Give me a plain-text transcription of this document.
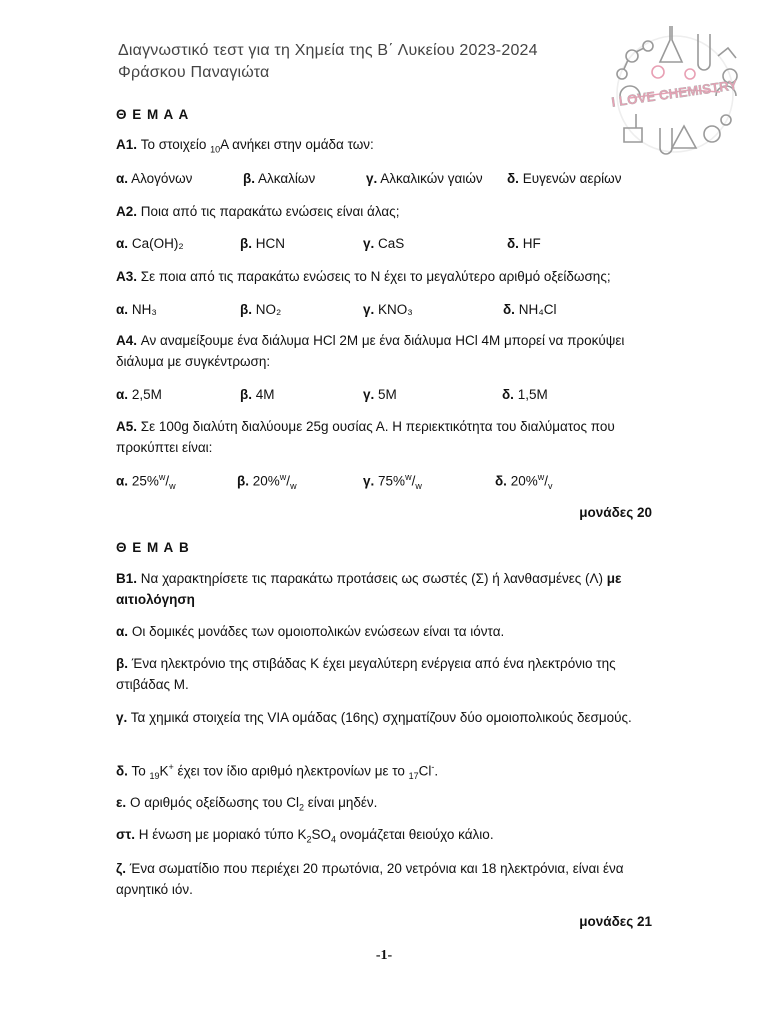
Διαγνωστικό τεστ για τη Χημεία της Β΄ Λυκείου 2023-2024
Φράσκου Παναγιώτα
I LOVE CHEMISTRY
Θ Ε Μ Α Α
A1. Το στοιχείο $_{10}$Α ανήκει στην ομάδα των:
α. Αλογόνων	β. Αλκαλίων	γ. Αλκαλικών γαιών δ. Ευγενών αερίων
A2. Ποια από τις παρακάτω ενώσεις είναι άλας;
α. Ca(OH)₂	β. HCN	γ. CaS	δ. HF
A3. Σε ποια από τις παρακάτω ενώσεις το Ν έχει το μεγαλύτερο αριθμό οξείδωσης;
α. NH₃	β. NO₂	γ. KNO₃	δ. NH₄Cl
A4. Αν αναμείξουμε ένα διάλυμα HCl 2M με ένα διάλυμα HCl 4M μπορεί να προκύψει διάλυμα με συγκέντρωση:
α. 2,5M	β. 4M	γ. 5M	δ. 1,5M
A5. Σε 100g διαλύτη διαλύουμε 25g ουσίας Α. Η περιεκτικότητα του διαλύματος που προκύπτει είναι:
α. $25\%^w/_w$	β. $20\%^w/_w$	γ. $75\%^w/_w$	δ. $20\%^w/_v$
μονάδες 20
Θ Ε Μ Α Β
B1. Να χαρακτηρίσετε τις παρακάτω προτάσεις ως σωστές (Σ) ή λανθασμένες (Λ) με αιτιολόγηση
α. Οι δομικές μονάδες των ομοιοπολικών ενώσεων είναι τα ιόντα.
β. Ένα ηλεκτρόνιο της στιβάδας Κ έχει μεγαλύτερη ενέργεια από ένα ηλεκτρόνιο της στιβάδας Μ.
γ. Τα χημικά στοιχεία της VIA ομάδας (16ης) σχηματίζουν δύο ομοιοπολικούς δεσμούς.
δ. Το $_{19}$K+ έχει τον ίδιο αριθμό ηλεκτρονίων με το $_{17}$Cl-.
ε. Ο αριθμός οξείδωσης του $Cl_2$ είναι μηδέν.
στ. Η ένωση με μοριακό τύπο $K_2SO_4$ ονομάζεται θειούχο κάλιο.
ζ. Ένα σωματίδιο που περιέχει 20 πρωτόνια, 20 νετρόνια και 18 ηλεκτρόνια, είναι ένα αρνητικό ιόν.
μονάδες 21
-1-
